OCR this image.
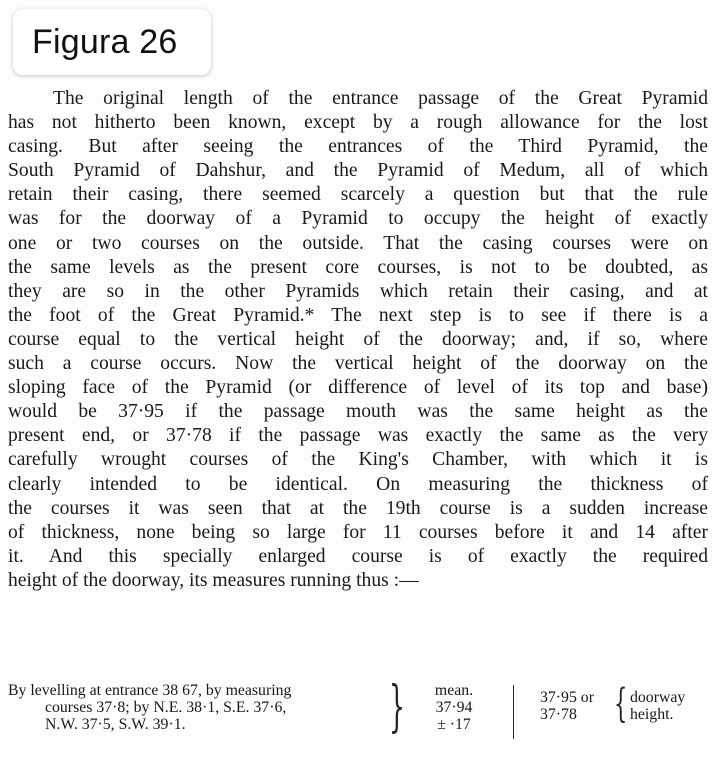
Figura 26
The original length of the entrance passage of the Great Pyramid
has not hitherto been known, except by a rough allowance for the lost
casing. But after seeing the entrances of the Third Pyramid, the
South Pyramid of Dahshur, and the Pyramid of Medum, all of which
retain their casing, there seemed scarcely a question but that the rule
was for the doorway of a Pyramid to occupy the height of exactly
one or two courses on the outside. That the casing courses were on
the same levels as the present core courses, is not to be doubted, as
they are so in the other Pyramids which retain their casing, and at
the foot of the Great Pyramid.* The next step is to see if there is a
course equal to the vertical height of the doorway; and, if so, where
such a course occurs. Now the vertical height of the doorway on the
sloping face of the Pyramid (or difference of level of its top and base)
would be 37·95 if the passage mouth was the same height as the
present end, or 37·78 if the passage was exactly the same as the very
carefully wrought courses of the King's Chamber, with which it is
clearly intended to be identical. On measuring the thickness of
the courses it was seen that at the 19th course is a sudden increase
of thickness, none being so large for 11 courses before it and 14 after
it. And this specially enlarged course is of exactly the required
height of the doorway, its measures running thus :—
By levelling at entrance 38 67, by measuring
courses 37·8; by N.E. 38·1, S.E. 37·6,
N.W. 37·5, S.W. 39·1.	}	mean.
37·94
± ·17
37·95 or
37·78	{ doorway
height.
